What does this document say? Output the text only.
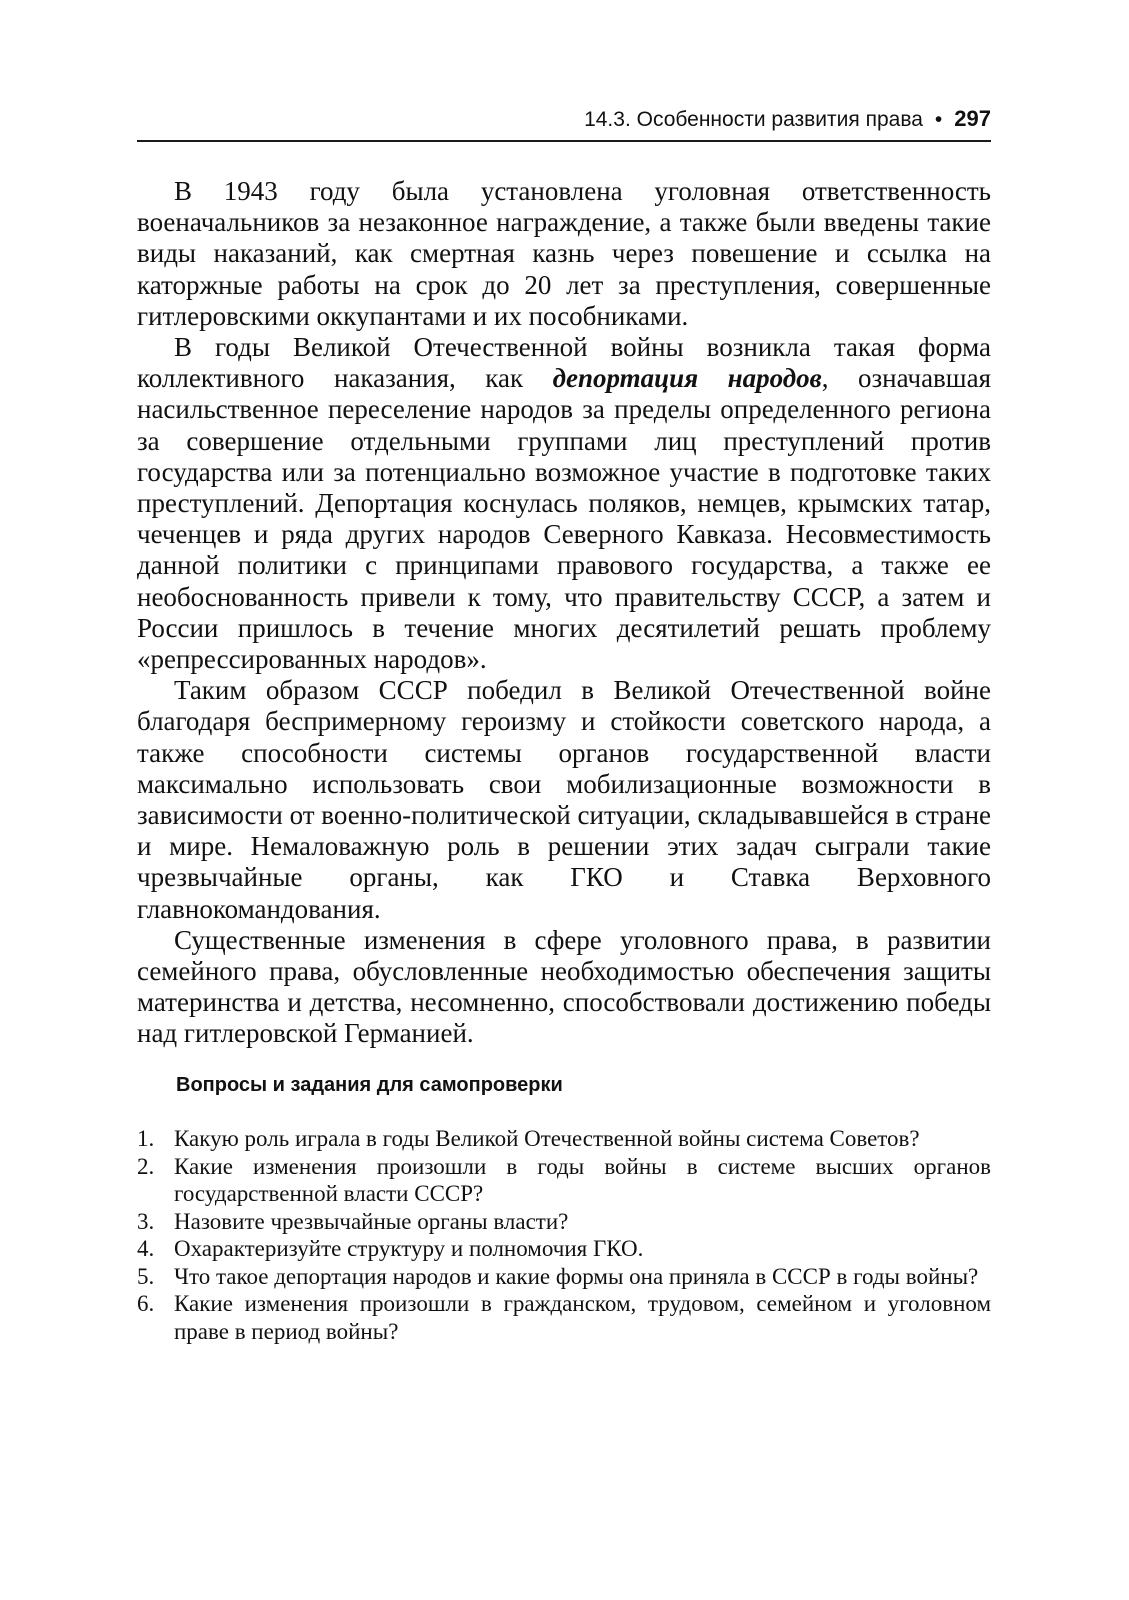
14.3. Особенности развития права • 297

В 1943 году была установлена уголовная ответственность военачальников за незаконное награждение, а также были введены такие виды наказаний, как смертная казнь через повешение и ссылка на каторжные работы на срок до 20 лет за преступления, совершенные гитлеровскими оккупантами и их пособниками.

В годы Великой Отечественной войны возникла такая форма коллективного наказания, как депортация народов, означавшая насильственное переселение народов за пределы определенного региона за совершение отдельными группами лиц преступлений против государства или за потенциально возможное участие в подготовке таких преступлений. Депортация коснулась поляков, немцев, крымских татар, чеченцев и ряда других народов Северного Кавказа. Несовместимость данной политики с принципами правового государства, а также ее необоснованность привели к тому, что правительству СССР, а затем и России пришлось в течение многих десятилетий решать проблему «репрессированных народов».

Таким образом СССР победил в Великой Отечественной войне благодаря беспримерному героизму и стойкости советского народа, а также способности системы органов государственной власти максимально использовать свои мобилизационные возможности в зависимости от военно-политической ситуации, складывавшейся в стране и мире. Немаловажную роль в решении этих задач сыграли такие чрезвычайные органы, как ГКО и Ставка Верховного главнокомандования.

Существенные изменения в сфере уголовного права, в развитии семейного права, обусловленные необходимостью обеспечения защиты материнства и детства, несомненно, способствовали достижению победы над гитлеровской Германией.

Вопросы и задания для самопроверки
1. Какую роль играла в годы Великой Отечественной войны система Советов?
2. Какие изменения произошли в годы войны в системе высших органов государственной власти СССР?
3. Назовите чрезвычайные органы власти?
4. Охарактеризуйте структуру и полномочия ГКО.
5. Что такое депортация народов и какие формы она приняла в СССР в годы войны?
6. Какие изменения произошли в гражданском, трудовом, семейном и уголовном праве в период войны?
